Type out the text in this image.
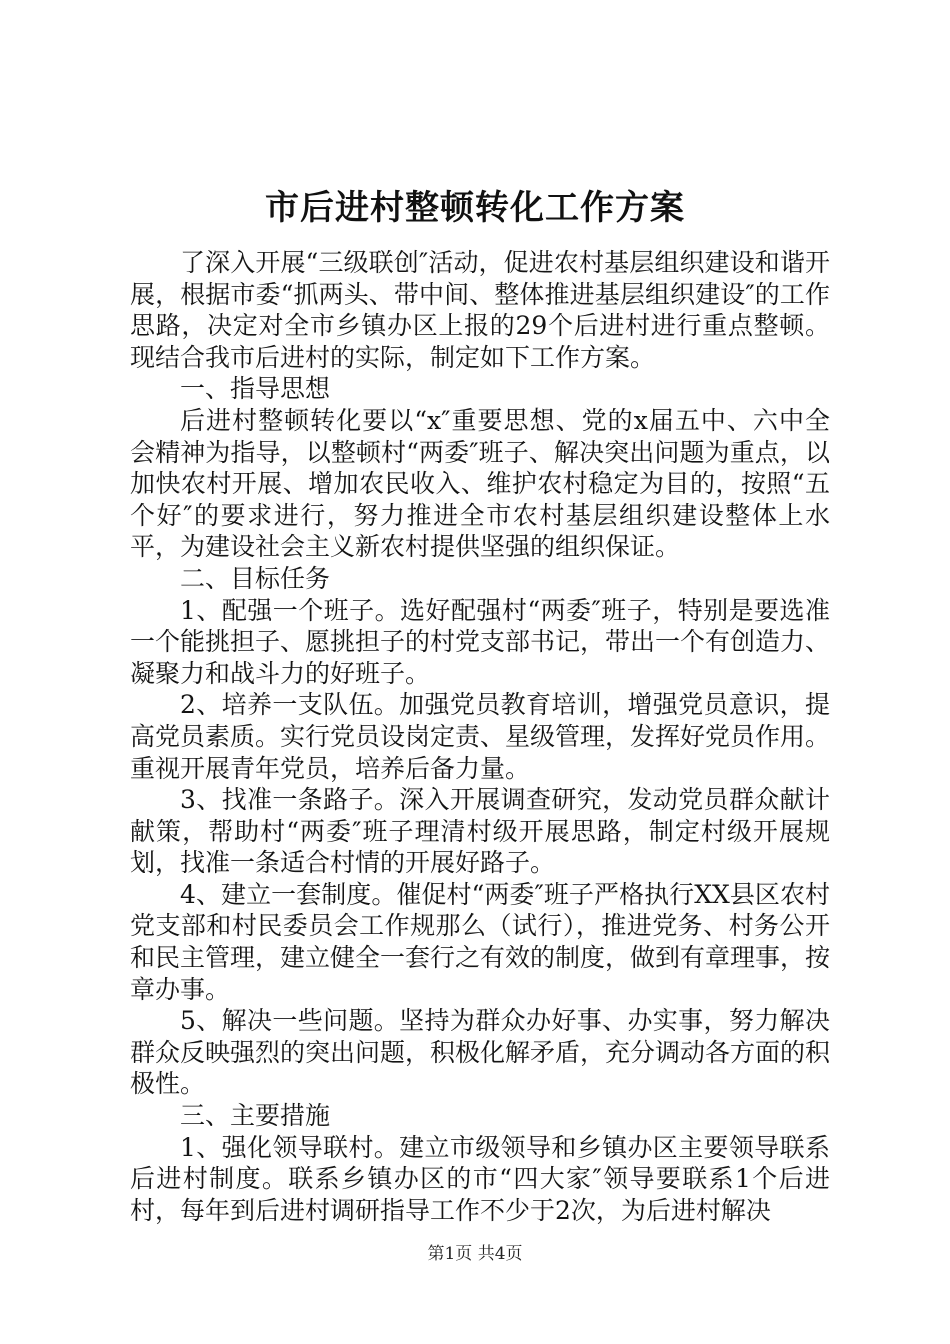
市后进村整顿转化工作方案

了深入开展“三级联创″活动，促进农村基层组织建设和谐开展，根据市委“抓两头、带中间、整体推进基层组织建设″的工作思路，决定对全市乡镇办区上报的29个后进村进行重点整顿。现结合我市后进村的实际，制定如下工作方案。

一、指导思想

后进村整顿转化要以“x″重要思想、党的x届五中、六中全会精神为指导，以整顿村“两委″班子、解决突出问题为重点，以加快农村开展、增加农民收入、维护农村稳定为目的，按照“五个好″的要求进行，努力推进全市农村基层组织建设整体上水平，为建设社会主义新农村提供坚强的组织保证。

二、目标任务

1、配强一个班子。选好配强村“两委″班子，特别是要选准一个能挑担子、愿挑担子的村党支部书记，带出一个有创造力、凝聚力和战斗力的好班子。

2、培养一支队伍。加强党员教育培训，增强党员意识，提高党员素质。实行党员设岗定责、星级管理，发挥好党员作用。重视开展青年党员，培养后备力量。

3、找准一条路子。深入开展调查研究，发动党员群众献计献策，帮助村“两委″班子理清村级开展思路，制定村级开展规划，找准一条适合村情的开展好路子。

4、建立一套制度。催促村“两委″班子严格执行XX县区农村党支部和村民委员会工作规那么（试行），推进党务、村务公开和民主管理，建立健全一套行之有效的制度，做到有章理事，按章办事。

5、解决一些问题。坚持为群众办好事、办实事，努力解决群众反映强烈的突出问题，积极化解矛盾，充分调动各方面的积极性。

三、主要措施

1、强化领导联村。建立市级领导和乡镇办区主要领导联系后进村制度。联系乡镇办区的市“四大家″领导要联系1个后进村，每年到后进村调研指导工作不少于2次，为后进村解决

第1页 共4页
